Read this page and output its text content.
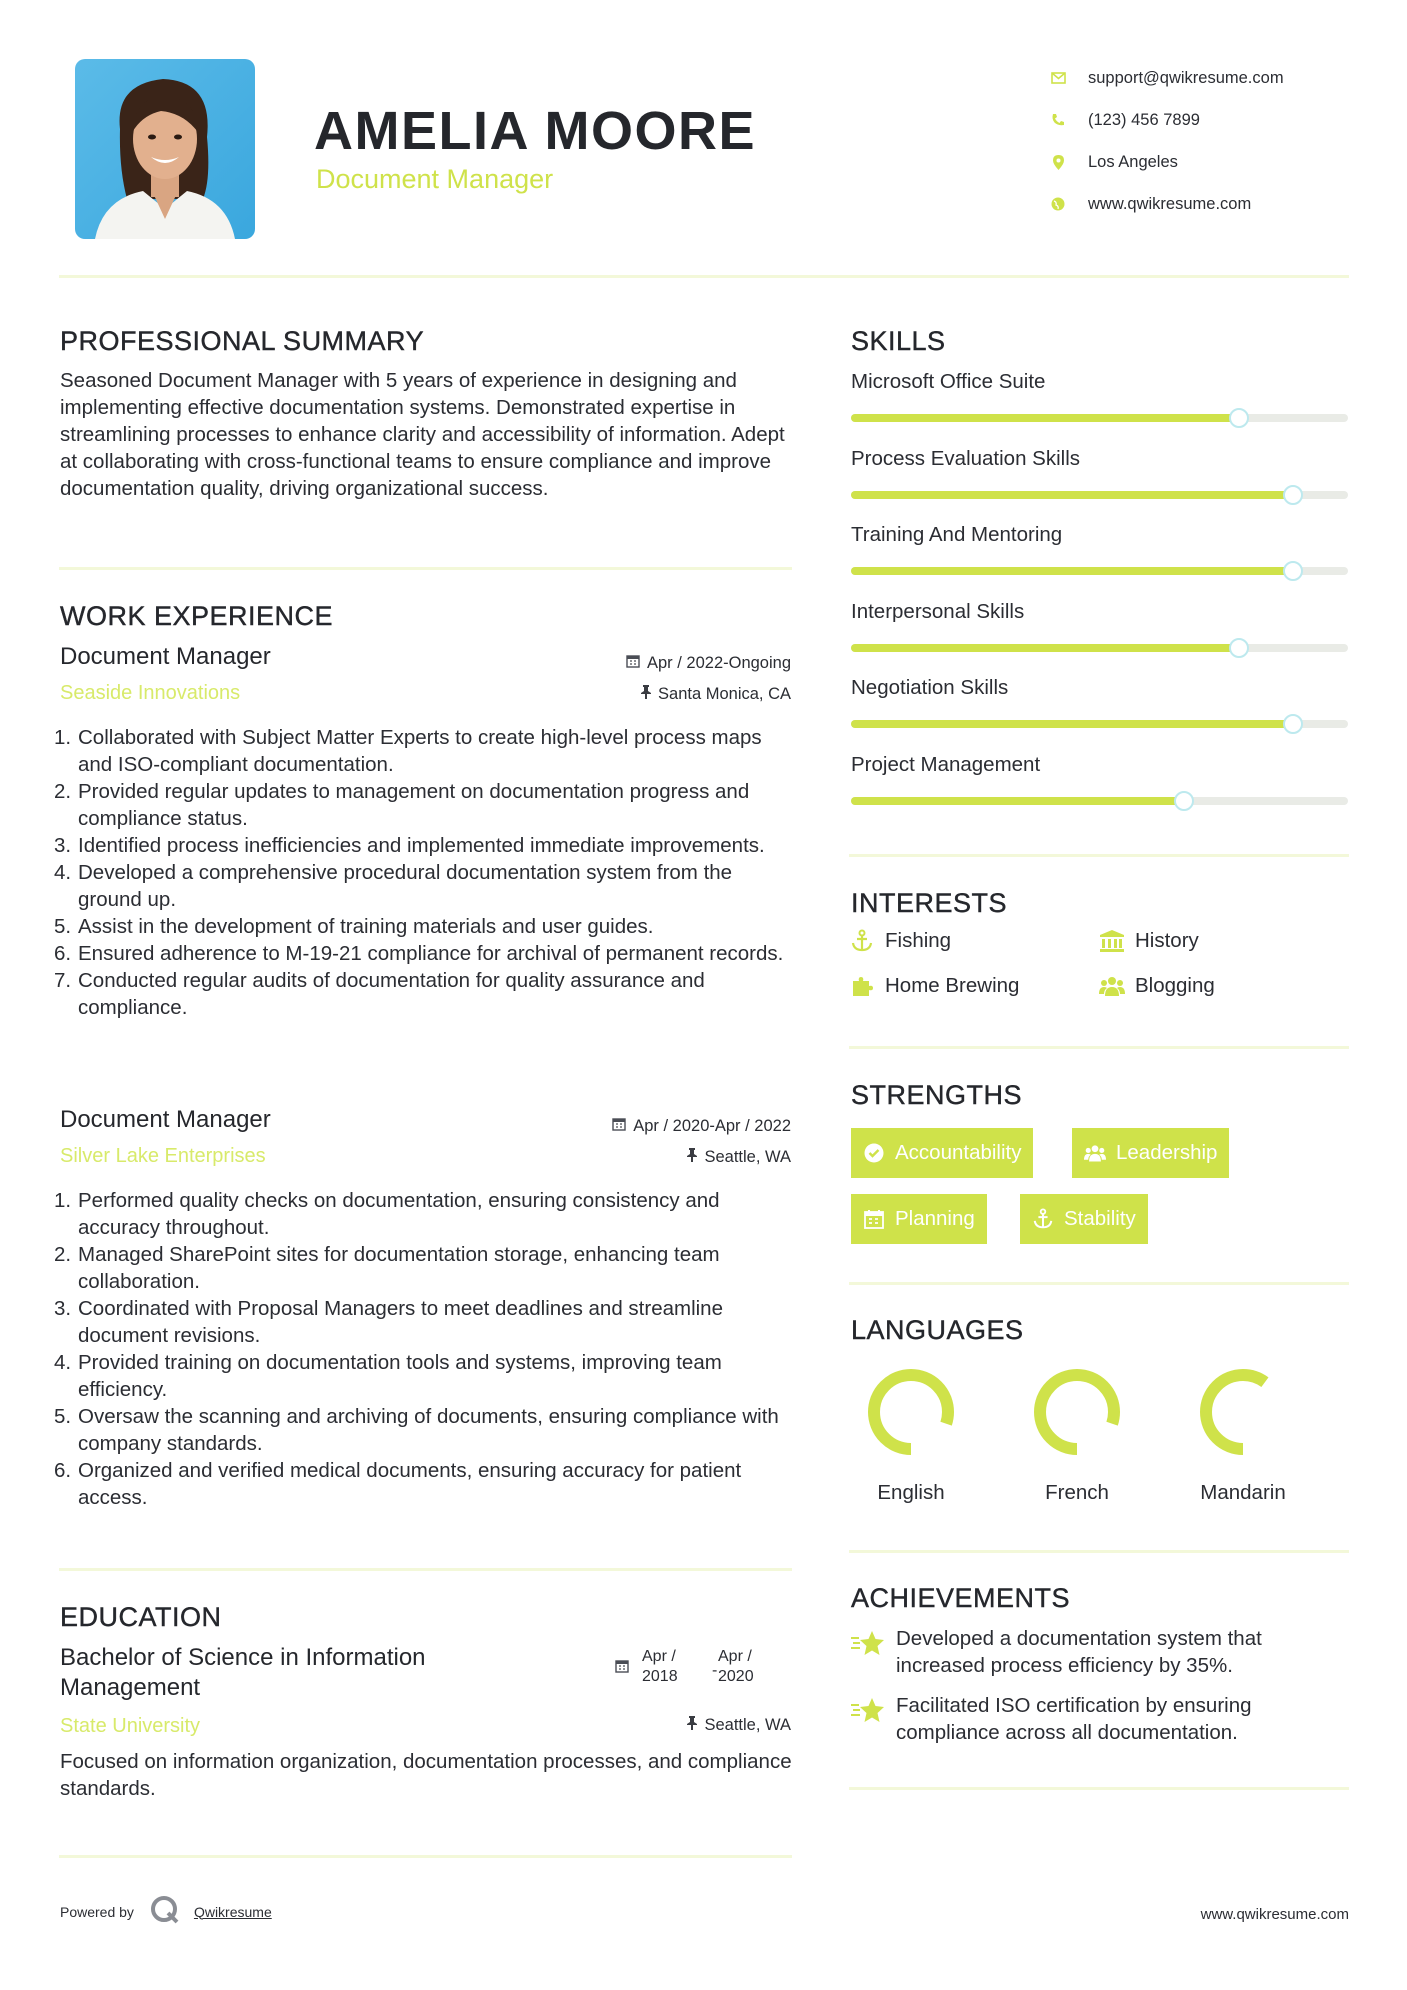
AMELIA MOORE
Document Manager
support@qwikresume.com
(123) 456 7899
Los Angeles
www.qwikresume.com
PROFESSIONAL SUMMARY
Seasoned Document Manager with 5 years of experience in designing and implementing effective documentation systems. Demonstrated expertise in streamlining processes to enhance clarity and accessibility of information. Adept at collaborating with cross-functional teams to ensure compliance and improve documentation quality, driving organizational success.
WORK EXPERIENCE
Document Manager	Apr / 2022-Ongoing
Seaside Innovations	Santa Monica, CA
1. Collaborated with Subject Matter Experts to create high-level process maps and ISO-compliant documentation.
2. Provided regular updates to management on documentation progress and compliance status.
3. Identified process inefficiencies and implemented immediate improvements.
4. Developed a comprehensive procedural documentation system from the ground up.
5. Assist in the development of training materials and user guides.
6. Ensured adherence to M-19-21 compliance for archival of permanent records.
7. Conducted regular audits of documentation for quality assurance and compliance.
Document Manager	Apr / 2020-Apr / 2022
Silver Lake Enterprises	Seattle, WA
1. Performed quality checks on documentation, ensuring consistency and accuracy throughout.
2. Managed SharePoint sites for documentation storage, enhancing team collaboration.
3. Coordinated with Proposal Managers to meet deadlines and streamline document revisions.
4. Provided training on documentation tools and systems, improving team efficiency.
5. Oversaw the scanning and archiving of documents, ensuring compliance with company standards.
6. Organized and verified medical documents, ensuring accuracy for patient access.
EDUCATION
Bachelor of Science in Information
Management
Apr /
2018 -
Apr /
2020
State University	Seattle, WA
Focused on information organization, documentation processes, and compliance standards.
SKILLS
Microsoft Office Suite
Process Evaluation Skills
Training And Mentoring
Interpersonal Skills
Negotiation Skills
Project Management
INTERESTS
Fishing	History
Home Brewing	Blogging
STRENGTHS
Accountability	Leadership
Planning	Stability
LANGUAGES
English	French	Mandarin
ACHIEVEMENTS
Developed a documentation system that
increased process efficiency by 35%.
Facilitated ISO certification by ensuring
compliance across all documentation.
Powered by	Qwikresume	www.qwikresume.com
